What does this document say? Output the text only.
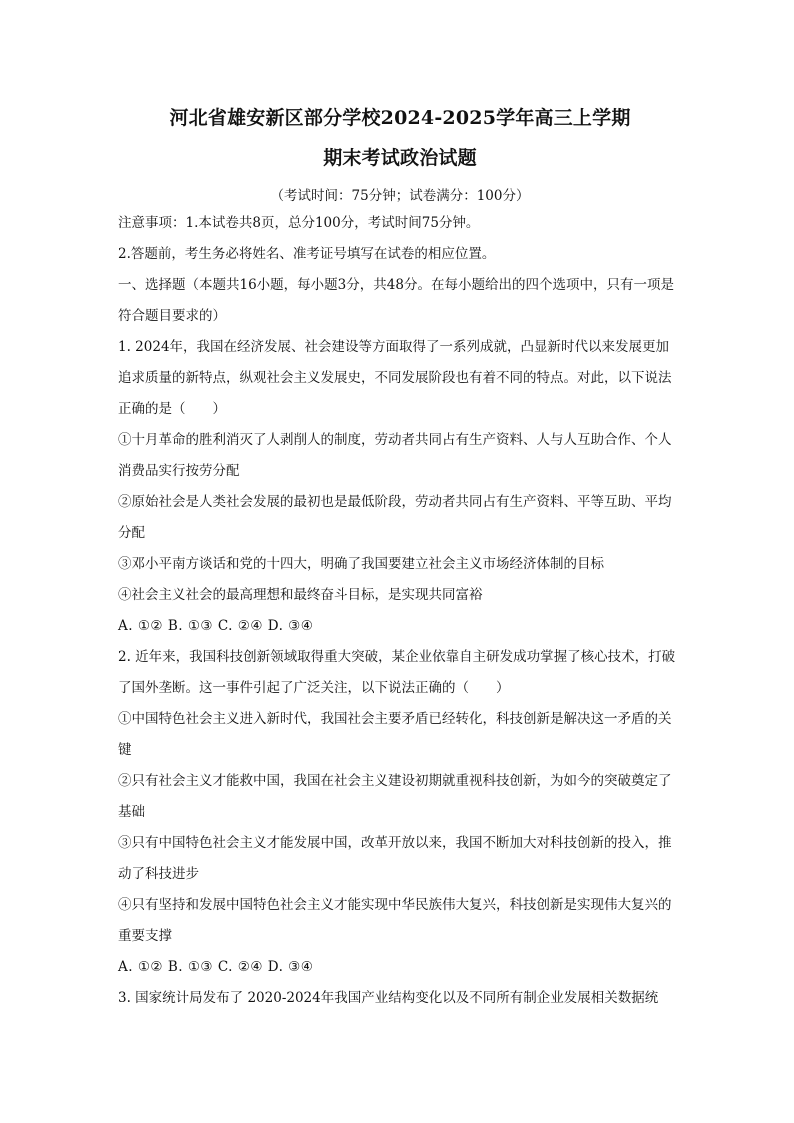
河北省雄安新区部分学校2024-2025学年高三上学期
期末考试政治试题
（考试时间：75分钟；试卷满分：100分）

注意事项：1.本试卷共8页，总分100分，考试时间75分钟。

2.答题前，考生务必将姓名、准考证号填写在试卷的相应位置。

一、选择题（本题共16小题，每小题3分，共48分。在每小题给出的四个选项中，只有一项是符合题目要求的）

1. 2024年，我国在经济发展、社会建设等方面取得了一系列成就，凸显新时代以来发展更加追求质量的新特点，纵观社会主义发展史，不同发展阶段也有着不同的特点。对此，以下说法正确的是（　　）

①十月革命的胜利消灭了人剥削人的制度，劳动者共同占有生产资料、人与人互助合作、个人消费品实行按劳分配

②原始社会是人类社会发展的最初也是最低阶段，劳动者共同占有生产资料、平等互助、平均分配

③邓小平南方谈话和党的十四大，明确了我国要建立社会主义市场经济体制的目标

④社会主义社会的最高理想和最终奋斗目标，是实现共同富裕

A. ①② B. ①③ C. ②④ D. ③④

2. 近年来，我国科技创新领域取得重大突破，某企业依靠自主研发成功掌握了核心技术，打破了国外垄断。这一事件引起了广泛关注，以下说法正确的（　　）

①中国特色社会主义进入新时代，我国社会主要矛盾已经转化，科技创新是解决这一矛盾的关键

②只有社会主义才能救中国，我国在社会主义建设初期就重视科技创新，为如今的突破奠定了基础

③只有中国特色社会主义才能发展中国，改革开放以来，我国不断加大对科技创新的投入，推动了科技进步

④只有坚持和发展中国特色社会主义才能实现中华民族伟大复兴，科技创新是实现伟大复兴的重要支撑

A. ①② B. ①③ C. ②④ D. ③④

3. 国家统计局发布了 2020-2024年我国产业结构变化以及不同所有制企业发展相关数据统
